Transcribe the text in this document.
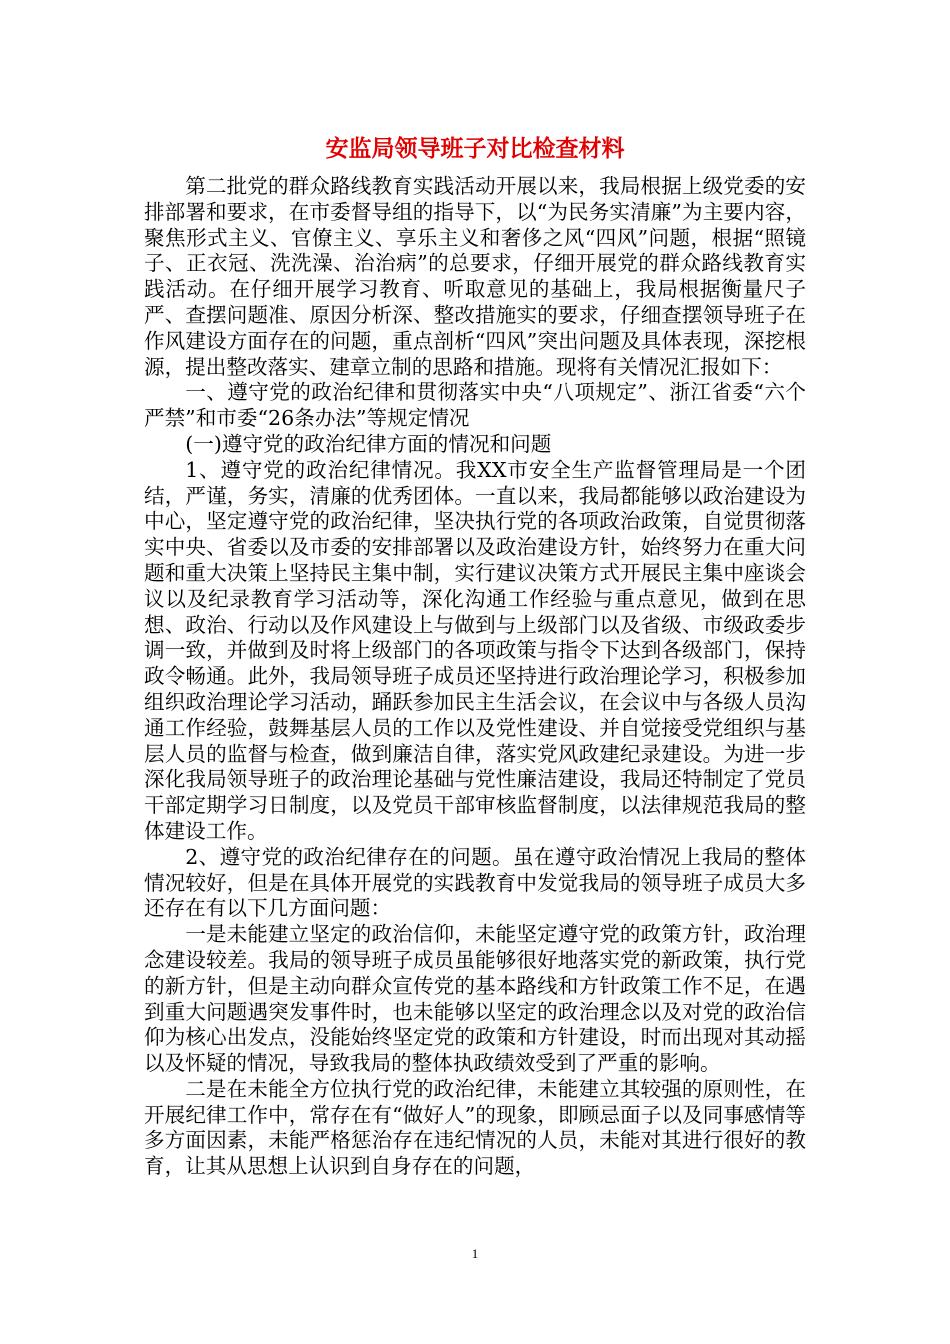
安监局领导班子对比检查材料

第二批党的群众路线教育实践活动开展以来，我局根据上级党委的安排部署和要求，在市委督导组的指导下，以“为民务实清廉”为主要内容，聚焦形式主义、官僚主义、享乐主义和奢侈之风“四风”问题，根据“照镜子、正衣冠、洗洗澡、治治病”的总要求，仔细开展党的群众路线教育实践活动。在仔细开展学习教育、听取意见的基础上，我局根据衡量尺子严、查摆问题准、原因分析深、整改措施实的要求，仔细查摆领导班子在作风建设方面存在的问题，重点剖析“四风”突出问题及具体表现，深挖根源，提出整改落实、建章立制的思路和措施。现将有关情况汇报如下：

一、遵守党的政治纪律和贯彻落实中央“八项规定”、浙江省委“六个严禁”和市委“26条办法”等规定情况

(一)遵守党的政治纪律方面的情况和问题

1、遵守党的政治纪律情况。我XX市安全生产监督管理局是一个团结，严谨，务实，清廉的优秀团体。一直以来，我局都能够以政治建设为中心，坚定遵守党的政治纪律，坚决执行党的各项政治政策，自觉贯彻落实中央、省委以及市委的安排部署以及政治建设方针，始终努力在重大问题和重大决策上坚持民主集中制，实行建议决策方式开展民主集中座谈会议以及纪录教育学习活动等，深化沟通工作经验与重点意见，做到在思想、政治、行动以及作风建设上与做到与上级部门以及省级、市级政委步调一致，并做到及时将上级部门的各项政策与指令下达到各级部门，保持政令畅通。此外，我局领导班子成员还坚持进行政治理论学习，积极参加组织政治理论学习活动，踊跃参加民主生活会议，在会议中与各级人员沟通工作经验，鼓舞基层人员的工作以及党性建设、并自觉接受党组织与基层人员的监督与检查，做到廉洁自律，落实党风政建纪录建设。为进一步深化我局领导班子的政治理论基础与党性廉洁建设，我局还特制定了党员干部定期学习日制度，以及党员干部审核监督制度，以法律规范我局的整体建设工作。

2、遵守党的政治纪律存在的问题。虽在遵守政治情况上我局的整体情况较好，但是在具体开展党的实践教育中发觉我局的领导班子成员大多还存在有以下几方面问题：

一是未能建立坚定的政治信仰，未能坚定遵守党的政策方针，政治理念建设较差。我局的领导班子成员虽能够很好地落实党的新政策，执行党的新方针，但是主动向群众宣传党的基本路线和方针政策工作不足，在遇到重大问题遇突发事件时，也未能够以坚定的政治理念以及对党的政治信仰为核心出发点，没能始终坚定党的政策和方针建设，时而出现对其动摇以及怀疑的情况，导致我局的整体执政绩效受到了严重的影响。

二是在未能全方位执行党的政治纪律，未能建立其较强的原则性，在开展纪律工作中，常存在有“做好人”的现象，即顾忌面子以及同事感情等多方面因素，未能严格惩治存在违纪情况的人员，未能对其进行很好的教育，让其从思想上认识到自身存在的问题，

1
